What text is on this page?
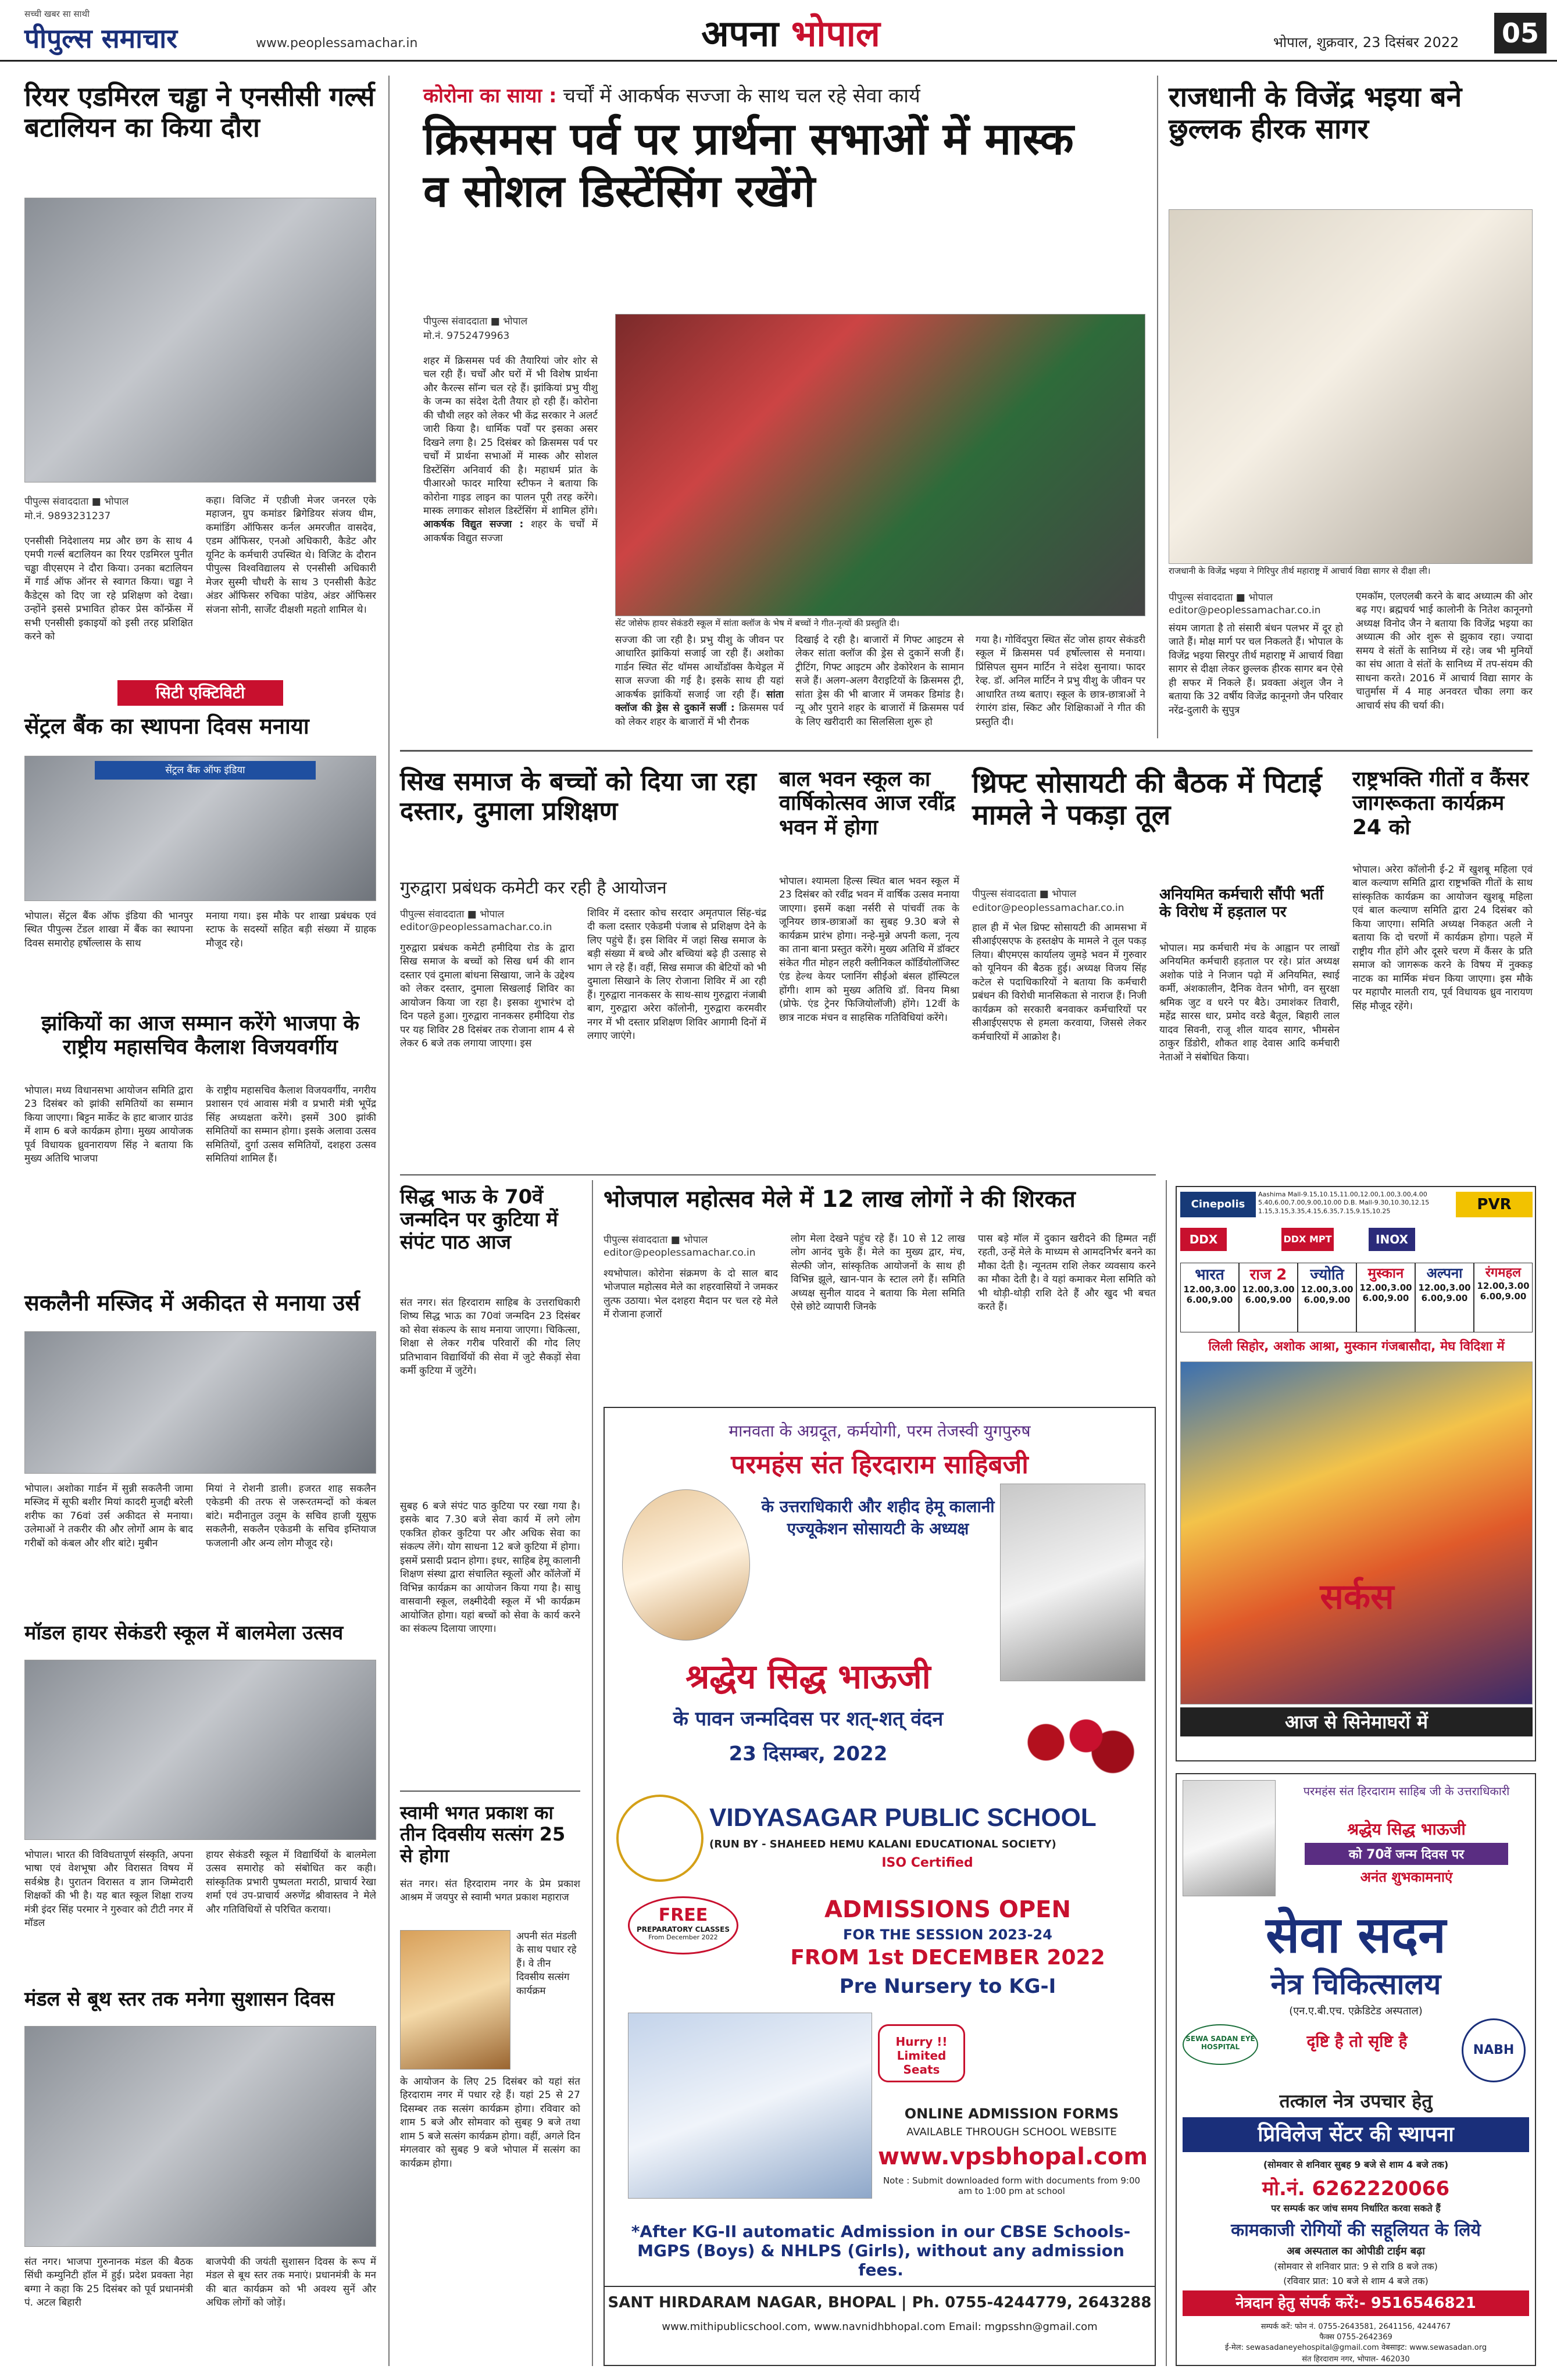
सच्ची खबर सा साथी
पीपुल्स समाचार	www.peoplessamachar.in	अपना भोपाल	भोपाल, शुक्रवार, 23 दिसंबर 2022 05
रियर एडमिरल चड्ढा ने एनसीसी गर्ल्स बटालियन का किया दौरा
पीपुल्स संवाददाता ■ भोपाल
मो.नं. 9893231237
एनसीसी निदेशालय मप्र और छग के साथ 4 एमपी गर्ल्स बटालियन का रियर एडमिरल पुनीत चड्ढा वीएसएम ने दौरा किया। उनका बटालियन में गार्ड ऑफ ऑनर से स्वागत किया। चड्ढा ने कैडेट्स को दिए जा रहे प्रशिक्षण को देखा। उन्होंने इससे प्रभावित होकर प्रेस कॉन्फ्रेंस में सभी एनसीसी इकाइयों को इसी तरह प्रशिक्षित करने को
कहा। विजिट में एडीजी मेजर जनरल एके महाजन, ग्रुप कमांडर ब्रिगेडियर संजय धीम, कमांडिंग ऑफिसर कर्नल अमरजीत वासदेव, एडम ऑफिसर, एनओ अधिकारी, कैडेट और यूनिट के कर्मचारी उपस्थित थे। विजिट के दौरान पीपुल्स विश्वविद्यालय से एनसीसी अधिकारी मेजर सुस्मी चौधरी के साथ 3 एनसीसी कैडेट अंडर ऑफिसर रुचिका पांडेय, अंडर ऑफिसर संजना सोनी, सार्जेंट दीक्षशी महतो शामिल थे।
सिटी एक्टिविटी
सेंट्रल बैंक का स्थापना दिवस मनाया
सेंट्रल बैंक ऑफ इंडिया
भोपाल। सेंट्रल बैंक ऑफ इंडिया की भानपुर स्थित पीपुल्स टेंडल शाखा में बैंक का स्थापना दिवस समारोह हर्षोल्लास के साथ
मनाया गया। इस मौके पर शाखा प्रबंधक एवं स्टाफ के सदस्यों सहित बड़ी संख्या में ग्राहक मौजूद रहे।
झांकियों का आज सम्मान करेंगे भाजपा के राष्ट्रीय महासचिव कैलाश विजयवर्गीय
भोपाल। मध्य विधानसभा आयोजन समिति द्वारा 23 दिसंबर को झांकी समितियों का सम्मान किया जाएगा। बिट्टन मार्केट के हाट बाजार ग्राउंड में शाम 6 बजे कार्यक्रम होगा। मुख्य आयोजक पूर्व विधायक ध्रुवनारायण सिंह ने बताया कि मुख्य अतिथि भाजपा
के राष्ट्रीय महासचिव कैलाश विजयवर्गीय, नगरीय प्रशासन एवं आवास मंत्री व प्रभारी मंत्री भूपेंद्र सिंह अध्यक्षता करेंगे। इसमें 300 झांकी समितियों का सम्मान होगा। इसके अलावा उत्सव समितियों, दुर्गा उत्सव समितियों, दशहरा उत्सव समितियां शामिल हैं।
सकलैनी मस्जिद में अकीदत से मनाया उर्स
भोपाल। अशोका गार्डन में सुन्नी सकलैनी जामा मस्जिद में सूफी बशीर मियां कादरी मुजद्दी बरेली शरीफ का 76वां उर्स अकीदत से मनाया। उलेमाओं ने तकरीर की और लोगोंं आम के बाद गरीबों को कंबल और शीर बांटे। मुबीन
मियां ने रोशनी डाली। हजरत शाह सकलैन एकेडमी की तरफ से जरूरतमन्दों को कंबल बांटे। मदीनातुल उलूम के सचिव हाजी यूसुफ सकलैनी, सकलैन एकेडमी के सचिव इम्तियाज फजलानी और अन्य लोग मौजूद रहे।
मॉडल हायर सेकंडरी स्कूल में बालमेला उत्सव
भोपाल। भारत की विविधतापूर्ण संस्कृति, अपना भाषा एवं वेशभूषा और विरासत विषय में सर्वश्रेष्ठ है। पुरातन विरासत व ज्ञान जिम्मेदारी शिक्षकों की भी है। यह बात स्कूल शिक्षा राज्य मंत्री इंदर सिंह परमार ने गुरुवार को टीटी नगर में मॉडल
हायर सेकंडरी स्कूल में विद्यार्थियों के बालमेला उत्सव समारोह को संबोधित कर कही। सांस्कृतिक प्रभारी पुष्पलता मराठी, प्राचार्य रेखा शर्मा एवं उप-प्राचार्य अरुणेंद्र श्रीवास्तव ने मेले और गतिविधियों से परिचित कराया।
मंडल से बूथ स्तर तक मनेगा सुशासन दिवस
संत नगर। भाजपा गुरुनानक मंडल की बैठक सिंधी कम्युनिटी हॉल में हुई। प्रदेश प्रवक्ता नेहा बग्गा ने कहा कि 25 दिसंबर को पूर्व प्रधानमंत्री पं. अटल बिहारी
बाजपेयी की जयंती सुशासन दिवस के रूप में मंडल से बूथ स्तर तक मनाएं। प्रधानमंत्री के मन की बात कार्यक्रम को भी अवश्य सुनें और अधिक लोगों को जोड़ें।
कोरोना का साया : चर्चों में आकर्षक सज्जा के साथ चल रहे सेवा कार्य
क्रिसमस पर्व पर प्रार्थना सभाओं में मास्क व सोशल डिस्टेंसिंग रखेंगे
पीपुल्स संवाददाता ■ भोपाल
मो.नं. 9752479963
शहर में क्रिसमस पर्व की तैयारियां जोर शोर से चल रही हैं। चर्चों और घरों में भी विशेष प्रार्थना और कैरल्स सॉन्ग चल रहे हैं। झांकियां प्रभु यीशु के जन्म का संदेश देती तैयार हो रही हैं। कोरोना की चौथी लहर को लेकर भी केंद्र सरकार ने अलर्ट जारी किया है। धार्मिक पर्वों पर इसका असर दिखने लगा है। 25 दिसंबर को क्रिसमस पर्व पर चर्चों में प्रार्थना सभाओं में मास्क और सोशल डिस्टेंसिंग अनिवार्य की है। महाधर्म प्रांत के पीआरओ फादर मारिया स्टीफन ने बताया कि कोरोना गाइड लाइन का पालन पूरी तरह करेंगे। मास्क लगाकर सोशल डिस्टेंसिंग में शामिल होंगे। आकर्षक विद्युत सज्जा : शहर के चर्चों में आकर्षक विद्युत सज्जा
सेंट जोसेफ हायर सेकंडरी स्कूल में सांता क्लॉज के भेष में बच्चों ने गीत-नृत्यों की प्रस्तुति दी।
सज्जा की जा रही है। प्रभु यीशु के जीवन पर आधारित झांकियां सजाई जा रही हैं। अशोका गार्डन स्थित सेंट थॉमस आर्थोडॉक्स कैथेड्रल में साज सज्जा की गई है। इसके साथ ही यहां आकर्षक झांकियों सजाई जा रही हैं। सांता क्लॉज की ड्रेस से दुकानें सजीं : क्रिसमस पर्व को लेकर शहर के बाजारों में भी रौनक
दिखाई दे रही है। बाजारों में गिफ्ट आइटम से लेकर सांता क्लॉज की ड्रेस से दुकानें सजी हैं। ट्रीटिंग, गिफ्ट आइटम और डेकोरेशन के सामान सजे हैं। अलग-अलग वैराइटियों के क्रिसमस ट्री, सांता ड्रेस की भी बाजार में जमकर डिमांड है। न्यू और पुराने शहर के बाजारों में क्रिसमस पर्व के लिए खरीदारी का सिलसिला शुरू हो
गया है। गोविंदपुरा स्थित सेंट जोस हायर सेकंडरी स्कूल में क्रिसमस पर्व हर्षोल्लास से मनाया। प्रिंसिपल सुमन मार्टिन ने संदेश सुनाया। फादर रेव्ह. डॉ. अनिल मार्टिन ने प्रभु यीशु के जीवन पर आधारित तथ्य बताए। स्कूल के छात्र-छात्राओं ने रंगारंग डांस, स्किट और शिक्षिकाओं ने गीत की प्रस्तुति दी।
राजधानी के विजेंद्र भइया बने छुल्लक हीरक सागर
राजधानी के विजेंद्र भइया ने गिरिपुर तीर्थ महाराष्ट्र में आचार्य विद्या सागर से दीक्षा ली।
पीपुल्स संवाददाता ■ भोपाल
editor@peoplessamachar.co.in
संयम जागता है तो संसारी बंधन पलभर में दूर हो जाते हैं। मोक्ष मार्ग पर चल निकलते हैं। भोपाल के विजेंद्र भइया सिरपुर तीर्थ महाराष्ट्र में आचार्य विद्या सागर से दीक्षा लेकर छुल्लक हीरक सागर बन ऐसे ही सफर में निकले हैं। प्रवक्ता अंशुल जैन ने बताया कि 32 वर्षीय विजेंद्र कानूनगो जैन परिवार नरेंद्र-दुलारी के सुपुत्र
एमकॉम, एलएलबी करने के बाद अध्यात्म की ओर बढ़ गए। ब्रह्मचर्य भाई कालोनी के नितेश कानूनगो अध्यक्ष विनोद जैन ने बताया कि विजेंद्र भइया का अध्यात्म की ओर शुरू से झुकाव रहा। ज्यादा समय वे संतों के सानिध्य में रहे। जब भी मुनियों का संघ आता वे संतों के सानिध्य में तप-संयम की साधना करते। 2016 में आचार्य विद्या सागर के चातुर्मास में 4 माह अनवरत चौका लगा कर आचार्य संघ की चर्या की।
सिख समाज के बच्चों को दिया जा रहा दस्तार, दुमाला प्रशिक्षण
गुरुद्वारा प्रबंधक कमेटी कर रही है आयोजन
पीपुल्स संवाददाता ■ भोपाल
editor@peoplessamachar.co.in
गुरुद्वारा प्रबंधक कमेटी हमीदिया रोड के द्वारा सिख समाज के बच्चों को सिख धर्म की शान दस्तार एवं दुमाला बांधना सिखाया, जाने के उद्देश्य को लेकर दस्तार, दुमाला सिखलाई शिविर का आयोजन किया जा रहा है। इसका शुभारंभ दो दिन पहले हुआ। गुरुद्वारा नानकसर हमीदिया रोड पर यह शिविर 28 दिसंबर तक रोजाना शाम 4 से लेकर 6 बजे तक लगाया जाएगा। इस
शिविर में दस्तार कोच सरदार अमृतपाल सिंह-चंद्र दी कला दस्तार एकेडमी पंजाब से प्रशिक्षण देने के लिए पहुंचे हैं। इस शिविर में जहां सिख समाज के बड़ी संख्या में बच्चे और बच्चियां बढ़े ही उत्साह से भाग ले रहे हैं। वहीं, सिख समाज की बेटियों को भी दुमाला सिखाने के लिए रोजाना शिविर में आ रही हैं। गुरुद्वारा नानकसर के साथ-साथ गुरुद्वारा नंजाबी बाग, गुरुद्वारा अरेरा कॉलोनी, गुरुद्वारा करमवीर नगर में भी दस्तार प्रशिक्षण शिविर आगामी दिनों में लगाए जाएंगे।
बाल भवन स्कूल का वार्षिकोत्सव आज रवींद्र भवन में होगा
भोपाल। श्यामला हिल्स स्थित बाल भवन स्कूल में 23 दिसंबर को रवींद्र भवन में वार्षिक उत्सव मनाया जाएगा। इसमें कक्षा नर्सरी से पांचवीं तक के जूनियर छात्र-छात्राओं का सुबह 9.30 बजे से कार्यक्रम प्रारंभ होगा। नन्हे-मुन्ने अपनी कला, नृत्य का ताना बाना प्रस्तुत करेंगे। मुख्य अतिथि में डॉक्टर संकेत गीत मोहन लहरी क्लीनिकल कॉर्डियोलॉजिस्ट एंड हेल्थ केयर प्लानिंग सीईओ बंसल हॉस्पिटल होंगी। शाम को मुख्य अतिथि डॉ. विनय मिश्रा (प्रोफे. एंड ट्रेनर फिजियोलॉजी) होंगे। 12वीं के छात्र नाटक मंचन व साहसिक गतिविधियां करेंगे।
थ्रिफ्ट सोसायटी की बैठक में पिटाई मामले ने पकड़ा तूल
पीपुल्स संवाददाता ■ भोपाल
editor@peoplessamachar.co.in
हाल ही में भेल थ्रिफ्ट सोसायटी की आमसभा में सीआईएसएफ के हस्तक्षेप के मामले ने तूल पकड़ लिया। बीएमएस कार्यालय जुमड़े भवन में गुरुवार को यूनियन की बैठक हुई। अध्यक्ष विजय सिंह कटेल से पदाधिकारियों ने बताया कि कर्मचारी प्रबंधन की विरोधी मानसिकता से नाराज हैं। निजी कार्यक्रम को सरकारी बनवाकर कर्मचारियों पर सीआईएसएफ से हमला करवाया, जिससे लेकर कर्मचारियों में आक्रोश है।
अनियमित कर्मचारी सौंपी भर्ती के विरोध में हड़ताल पर
भोपाल। मप्र कर्मचारी मंच के आह्वान पर लाखों अनियमित कर्मचारी हड़ताल पर रहे। प्रांत अध्यक्ष अशोक पांडे ने निजान पढ़ो में अनियमित, स्थाई कर्मी, अंशकालीन, दैनिक वेतन भोगी, वन सुरक्षा श्रमिक जुट व धरने पर बैठे। उमाशंकर तिवारी, महेंद्र सारस धार, प्रमोद वरडे बैतूल, बिहारी लाल यादव सिवनी, राजू शील यादव सागर, भीमसेन ठाकुर डिंडोरी, शौकत शाह देवास आदि कर्मचारी नेताओं ने संबोधित किया।
राष्ट्रभक्ति गीतों व कैंसर जागरूकता कार्यक्रम 24 को
भोपाल। अरेरा कॉलोनी ई-2 में खुशबू महिला एवं बाल कल्याण समिति द्वारा राष्ट्रभक्ति गीतों के साथ सांस्कृतिक कार्यक्रम का आयोजन खुशबू महिला एवं बाल कल्याण समिति द्वारा 24 दिसंबर को किया जाएगा। समिति अध्यक्ष निकहत अली ने बताया कि दो चरणों में कार्यक्रम होगा। पहले में राष्ट्रीय गीत होंगे और दूसरे चरण में कैंसर के प्रति समाज को जागरूक करने के विषय में नुक्कड़ नाटक का मार्मिक मंचन किया जाएगा। इस मौके पर महापौर मालती राय, पूर्व विधायक ध्रुव नारायण सिंह मौजूद रहेंगे।
सिद्ध भाऊ के 70वें जन्मदिन पर कुटिया में संपंट पाठ आज
संत नगर। संत हिरदाराम साहिब के उत्तराधिकारी शिष्य सिद्ध भाऊ का 70वां जन्मदिन 23 दिसंबर को सेवा संकल्प के साथ मनाया जाएगा। चिकित्सा, शिक्षा से लेकर गरीब परिवारों की गोद लिए प्रतिभावान विद्यार्थियों की सेवा में जुटे सैकड़ों सेवा कर्मी कुटिया में जुटेंगे।
सुबह 6 बजे संपंट पाठ कुटिया पर रखा गया है। इसके बाद 7.30 बजे सेवा कार्य में लगे लोग एकत्रित होकर कुटिया पर और अधिक सेवा का संकल्प लेंगे। योग साधना 12 बजे कुटिया में होगा। इसमें प्रसादी प्रदान होगा। इधर, साहिब हेमू कालानी शिक्षण संस्था द्वारा संचालित स्कूलों और कॉलेजों में विभिन्न कार्यक्रम का आयोजन किया गया है। साधु वासवानी स्कूल, लक्ष्मीदेवी स्कूल में भी कार्यक्रम आयोजित होगा। यहां बच्चों को सेवा के कार्य करने का संकल्प दिलाया जाएगा।
स्वामी भगत प्रकाश का तीन दिवसीय सत्संग 25 से होगा
संत नगर। संत हिरदाराम नगर के प्रेम प्रकाश आश्रम में जयपुर से स्वामी भगत प्रकाश महाराज
अपनी संत मंडली के साथ पधार रहे हैं। वे तीन दिवसीय सत्संग कार्यक्रम
के आयोजन के लिए 25 दिसंबर को यहां संत हिरदाराम नगर में पधार रहे हैं। यहां 25 से 27 दिसम्बर तक सत्संग कार्यक्रम होगा। रविवार को शाम 5 बजे और सोमवार को सुबह 9 बजे तथा शाम 5 बजे सत्संग कार्यक्रम होगा। वहीं, अगले दिन मंगलवार को सुबह 9 बजे भोपाल में सत्संग का कार्यक्रम होगा।
भोजपाल महोत्सव मेले में 12 लाख लोगों ने की शिरकत
पीपुल्स संवाददाता ■ भोपाल
editor@peoplessamachar.co.in
श्यभोपाल। कोरोना संक्रमण के दो साल बाद भोजपाल महोत्सव मेले का शहरवासियों ने जमकर लुत्फ उठाया। भेल दशहरा मैदान पर चल रहे मेले में रोजाना हजारों
लोग मेला देखने पहुंच रहे हैं। 10 से 12 लाख लोग आनंद चुके हैं। मेले का मुख्य द्वार, मंच, सेल्फी जोन, सांस्कृतिक आयोजनों के साथ ही विभिन्न झूले, खान-पान के स्टाल लगे हैं। समिति अध्यक्ष सुनील यादव ने बताया कि मेला समिति ऐसे छोटे व्यापारी जिनके
पास बड़े मॉल में दुकान खरीदने की हिम्मत नहीं रहती, उन्हें मेले के माध्यम से आमदनिर्भर बनने का मौका देती है। न्यूनतम राशि लेकर व्यवसाय करने का मौका देती है। वे यहां कमाकर मेला समिति को भी थोड़ी-थोड़ी राशि देते हैं और खुद भी बचत करते हैं।
मानवता के अग्रदूत, कर्मयोगी, परम तेजस्वी युगपुरुष
परमहंस संत हिरदाराम साहिबजी
के उत्तराधिकारी और शहीद हेमू कालानी एज्यूकेशन सोसायटी के अध्यक्ष
श्रद्धेय सिद्ध भाऊजी
के पावन जन्मदिवस पर शत्-शत् वंदन
23 दिसम्बर, 2022
VIDYASAGAR PUBLIC SCHOOL
(RUN BY - SHAHEED HEMU KALANI EDUCATIONAL SOCIETY)
ISO Certified
FREE
PREPARATORY CLASSES
From December 2022
ADMISSIONS OPEN
FOR THE SESSION 2023-24
FROM 1st DECEMBER 2022
Pre Nursery to KG-I
Hurry !! Limited Seats
ONLINE ADMISSION FORMS
AVAILABLE THROUGH SCHOOL WEBSITE
www.vpsbhopal.com
Note : Submit downloaded form with documents from 9:00 am to 1:00 pm at school
*After KG-II automatic Admission in our CBSE Schools- MGPS (Boys) & NHLPS (Girls), without any admission fees.
SANT HIRDARAM NAGAR, BHOPAL | Ph. 0755-4244779, 2643288
www.mithipublicschool.com, www.navnidhbhopal.com Email: mgpsshn@gmail.com
Cinepolis
Aashima Mall-9.15,10.15,11.00,12.00,1.00,3.00,4.00 5.40,6.00,7.00,9.00,10.00 D.B. Mall-9.30,10.30,12.15 1.15,3.15,3.35,4.15,6.35,7.15,9.15,10.25	PVR
DDX	DDX MPT	INOX
भारत
12.00,3.00 6.00,9.00
राज 2
12.00,3.00 6.00,9.00
ज्योति
12.00,3.00 6.00,9.00
मुस्कान
12.00,3.00 6.00,9.00
अल्पना
12.00,3.00 6.00,9.00
रंगमहल
12.00,3.00 6.00,9.00
लिली सिहोर, अशोक आश्रा, मुस्कान गंजबासौदा, मेघ विदिशा में
सर्कस
आज से सिनेमाघरों में
परमहंस संत हिरदाराम साहिब जी के उत्तराधिकारी
श्रद्धेय सिद्ध भाऊजी
को 70वें जन्म दिवस पर
अनंत शुभकामनाएं
सेवा सदन
नेत्र चिकित्सालय
(एन.ए.बी.एच. एक्रेडिटेड अस्पताल)
SEWA SADAN EYE HOSPITAL	दृष्टि है तो सृष्टि है	NABH
तत्काल नेत्र उपचार हेतु
प्रिविलेज सेंटर की स्थापना
(सोमवार से शनिवार सुबह 9 बजे से शाम 4 बजे तक)
मो.नं. 6262220066
पर सम्पर्क कर जांच समय निर्धारित करवा सकते हैं
कामकाजी रोगियों की सहूलियत के लिये
अब अस्पताल का ओपीडी टाईम बढ़ा
(सोमवार से शनिवार प्रात: 9 से रात्रि 8 बजे तक)
(रविवार प्रात: 10 बजे से शाम 4 बजे तक)
नेत्रदान हेतु संपर्क करें:- 9516546821
सम्पर्क करें: फोन नं. 0755-2643581, 2641156, 4244767
फैक्स 0755-2642369
ई-मेल: sewasadaneyehospital@gmail.com वेबसाइट: www.sewasadan.org
संत हिरदाराम नगर, भोपाल- 462030
